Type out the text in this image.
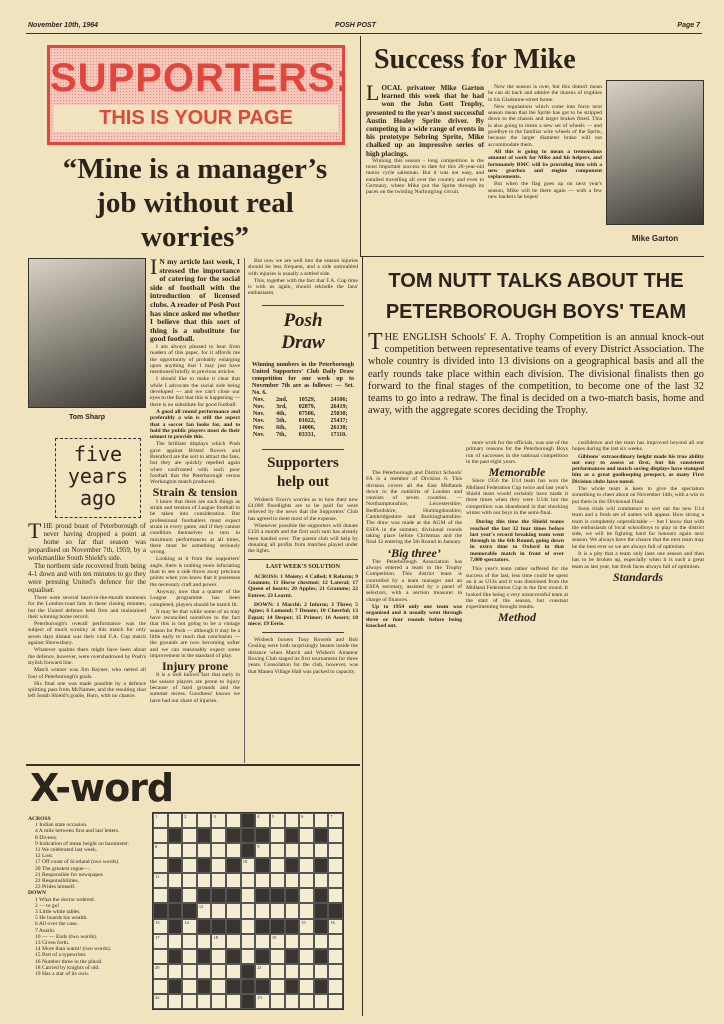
November 10th, 1964	POSH POST	Page 7
SUPPORTERS:
THIS IS YOUR PAGE
“Mine is a manager’s job without real worries”
Tom Sharp
five
years
ago
THE proud boast of Peterborough of never having dropped a point at home so far that season was jeopardised on November 7th, 1959, by a workmanlike South Shield's side.

The northern side recovered from being 4-1 down and with ten minutes to go they were pressing United's defence for the equaliser.

There were several heart-in-the-mouth moments for the London-road fans in these closing minutes, but the United defence held firm and maintained their winning home record.

Peterborough's overall performance was the subject of much scrutiny at this match for only seven days distant was their vital F.A. Cup match against Shrewsbury.

Whatever qualms there might have been about the defence, however, were overshadowed by Posh's stylish forward line.

Match winner was Jim Rayner, who netted all four of Peterborough's goals.

His final one was made possible by a defence splitting pass from McNamee, and the resulting shot left South Shield's goalie, Burn, with no chance.

I N my article last week, I stressed the importance of catering for the social side of football with the introduction of licensed clubs. A reader of Posh Post has since asked me whether I believe that this sort of thing is a substitute for good football.

I am always pleased to hear from readers of this paper, for it affords me the opportunity of probably enlarging upon anything that I may just have mentioned briefly in previous articles.

I should like to make it clear that while I advocate the social side being developed — and we can't close our eyes to the fact that this is happening — there is no substitute for good football.

A good all round performance and preferably a win is still the aspect that a soccer fan looks for, and to hold the public players must do their utmost to provide this.

The brilliant displays which Posh gave against Bristol Rovers and Brentford are the sort to attract the fans, but they are quickly repelled again when confronted with such poor football that the Peterborough versus Workington match produced.

Strain & tension

I know that there are such things as strain and tension of League football to be taken into consideration. But professional footballers must expect strain in every game, and if they cannot condition themselves to turn in maximum performances at all times, there must be something seriously wrong.

Looking at it from the supporters' angle, there is nothing more infuriating than to see a side throw away precious points when you know that it possesses the necessary craft and power.

Anyway, now that a quarter of the League programme has been completed, players should be match fit.

It may be that while some of us may have reconciled ourselves to the fact that this is not going to be a vintage season for Posh — although it may be a little early to reach that conclusion — the grounds are now becoming softer and we can reasonably expect some improvement in the standard of play.

Injury prone

It is a well known fact that early in the season players are prone to injury because of hard grounds and the summer recess. Goodness' knows we have had our share of injuries.

But now we are well into the season injuries should be less frequent, and a side untroubled with injuries is usually a settled side.

This, together with the fact that F.A. Cup time is with us again, should rekindle the fans' enthusiasm.

Posh
Draw
Winning numbers in the Peterborough United Supporters' Club Daily Draw competition for one week up to November 7th are as follows: — Set. No. 6.
Nov.	2nd,	10529,	24106;
Nov.	3rd,	02879,	26419;
Nov.	4th,	07506,	25038;
Nov.	5th,	01022,	25437;
Nov.	6th,	14006,	26138;
Nov.	7th,	03331,	17110.
Supporters help out

Wisbech Town's worries as to how their new £4,000 floodlights are to be paid for were relieved by the news that the Supporters' Club has agreed to meet most of the expense.

Whenever possible the supporters will donate £150 a month and the first such sum has already been handed over. The parent club will help by donating all profits from matches played under the lights.

LAST WEEK'S SOLUTION

ACROSS: 1 Moiety; 4 Called; 8 Reform; 9 Gnomon; 11 Horse chestnut; 12 Lateral; 17 Queen of hearts; 20 Apples; 21 Gramme; 22 Entree; 23 Learnt.

DOWN: 1 Marchi; 2 Inform; 3 Three; 5 Agnes; 6 Lomond; 7 Denote; 10 Cheerful; 13 Equat; 14 Despot; 15 Primer; 16 Assert; 18 niece; 19 Eerie.

Wisbech boxers Tony Roweth and Bob Gosling were both surprisingly beaten inside the distance when March and Wisbech Amateur Boxing Club staged its first tournament for three years. Consolation for the club, however, was that Manea Village Hall was packed to capacity.

Success for Mike
LOCAL privateer Mike Garton learned this week that he had won the John Gott Trophy, presented to the year's most successful Austin Healey Sprite driver. By competing in a wide range of events in his prototype Sebring Sprite, Mike chalked up an impressive series of high placings.

Winning this season - long competition is the most important success to date for this 28-year-old motor cycle salesman. But it was not easy, and entailed travelling all over the country and even to Germany, where Mike put the Sprite through its paces on the twisting Nurburgring circuit.

Now the season is over, but this doesn't mean he can sit back and admire the dozens of trophies in his Gladstone-street home.

New regulations which come into force next season mean that the Sprite has got to be stripped down to the chassis and larger brakes fitted. This is also going to mean a new set of wheels — and goodbye to the familiar wire wheels of the Sprite, because the larger diameter brake will not accommodate them.

All this is going to mean a tremendous amount of work for Mike and his helpers, and fortunately BMC will be providing him with a new gearbox and engine component replacements.

But when the flag goes up on next year's season, Mike will be there again — with a few new backers he hopes!

Mike Garton
TOM NUTT TALKS ABOUT THE
PETERBOROUGH BOYS' TEAM
THE ENGLISH Schools' F. A. Trophy Competition is an annual knock-out competition between representative teams of every District Association. The whole country is divided into 13 divisions on a geographical basis and all the early rounds take place within each division. The divisional finalists then go forward to the final stages of the competition, to become one of the last 32 teams to go into a redraw. The final is decided on a two-match basis, home and away, with the aggregate scores deciding the Trophy.

The Peterborough and District Schools' FA is a member of Division 6. This division covers all the East Midlands down to the outskirts of London and consists of seven counties. — Northamptonshire, Leicestershire, Bedfordshire, Huntingdonshire, Cambridgeshire and Buckinghamshire. The draw was made at the AGM of the ESFA in the summer, divisional rounds taking place before Christmas and the final 32 entering the 5th Round in January.

‘Big three’

The Peterborough Association has always entered a team in the Trophy Competition. This district team is controlled by a team manager and an ESFA secretary, assisted by a panel of selectors, with a section treasurer in charge of finances.

Up to 1954 only one team was organised and it usually went through three or four rounds before being knocked out.

more work for the officials, was one of the primary reasons for the Peterborough Boys run of successes in the national competition in the past eight years.

Memorable

Since 1956 the U14 team has won the Midland Federation Cup twice and last year's Shield team would certainly have made it three times when they were U14s but the competition was abandoned in that shocking winter with our boys in the semi-final.

During this time the Shield teams reached the last 32 four times before last year's record breaking team went through to the 6th Round, going down in extra time to Oxford in that memorable match in front of over 7,000 spectators.

This year's team rather suffered for the success of the last, less time could be spent on it as U14s and it was dismissed from the Midland Federation Cup in the first round. It looked like being a very unsuccessful team at the start of the season, but constant experimenting brought results.

Method

confidence and the team has improved beyond all our hopes during the last six weeks.

Gibbons' extraordinary height made his true ability not easy to assess at first, but his consistent performances and match saving displays have stamped him as a great goalkeeping prospect, as many First Division clubs have noted.

The whole team is keen to give the spectators something to cheer about on November 14th, with a win to put them in the Divisional Final.

Soon trials will commence to sort out the new U14 team and a fresh set of names will appear. How strong a team is completely unpredictable — but I know that with the enthusiasm of local schoolboys to play in the district side, we will be fighting hard for honours again next season. We always have the chance that the next team may be the best ever so we are always full of optimism.

It is a pity that a team only lasts one season and then has to be broken up, especially when it is such a great team as last year, but fresh faces always full of optimism.

Standards
X-word
ACROSS
1 Indian state occasion.
4 A mile between first and last letters.
8 Divests.
9 Indication of mean height on barometer.
11 We celebrated last week.
12 Lost.
17 Off coast of Scotland (two words).
20 The greatest rogue—.
21 Responsible for newspaper.
22 Responsibilities.
23 Prides himself.
DOWN
1 What the doctor ordered.
2 — to go!
3 Little white tablet.
5 He hoards his wealth.
6 All over the case.
7 Austin.
10 — — Ends (two words).
13 Given forth.
14 More than warm! (two words).
15 Part of a typewriter.
16 Number three in the plural.
18 Carried by knights of old.
19 Has a star of its own.
1	2	3	4	5	6	7
8	9
10
11
12
13	14	15	16
17	18	19
20	21
22	23
